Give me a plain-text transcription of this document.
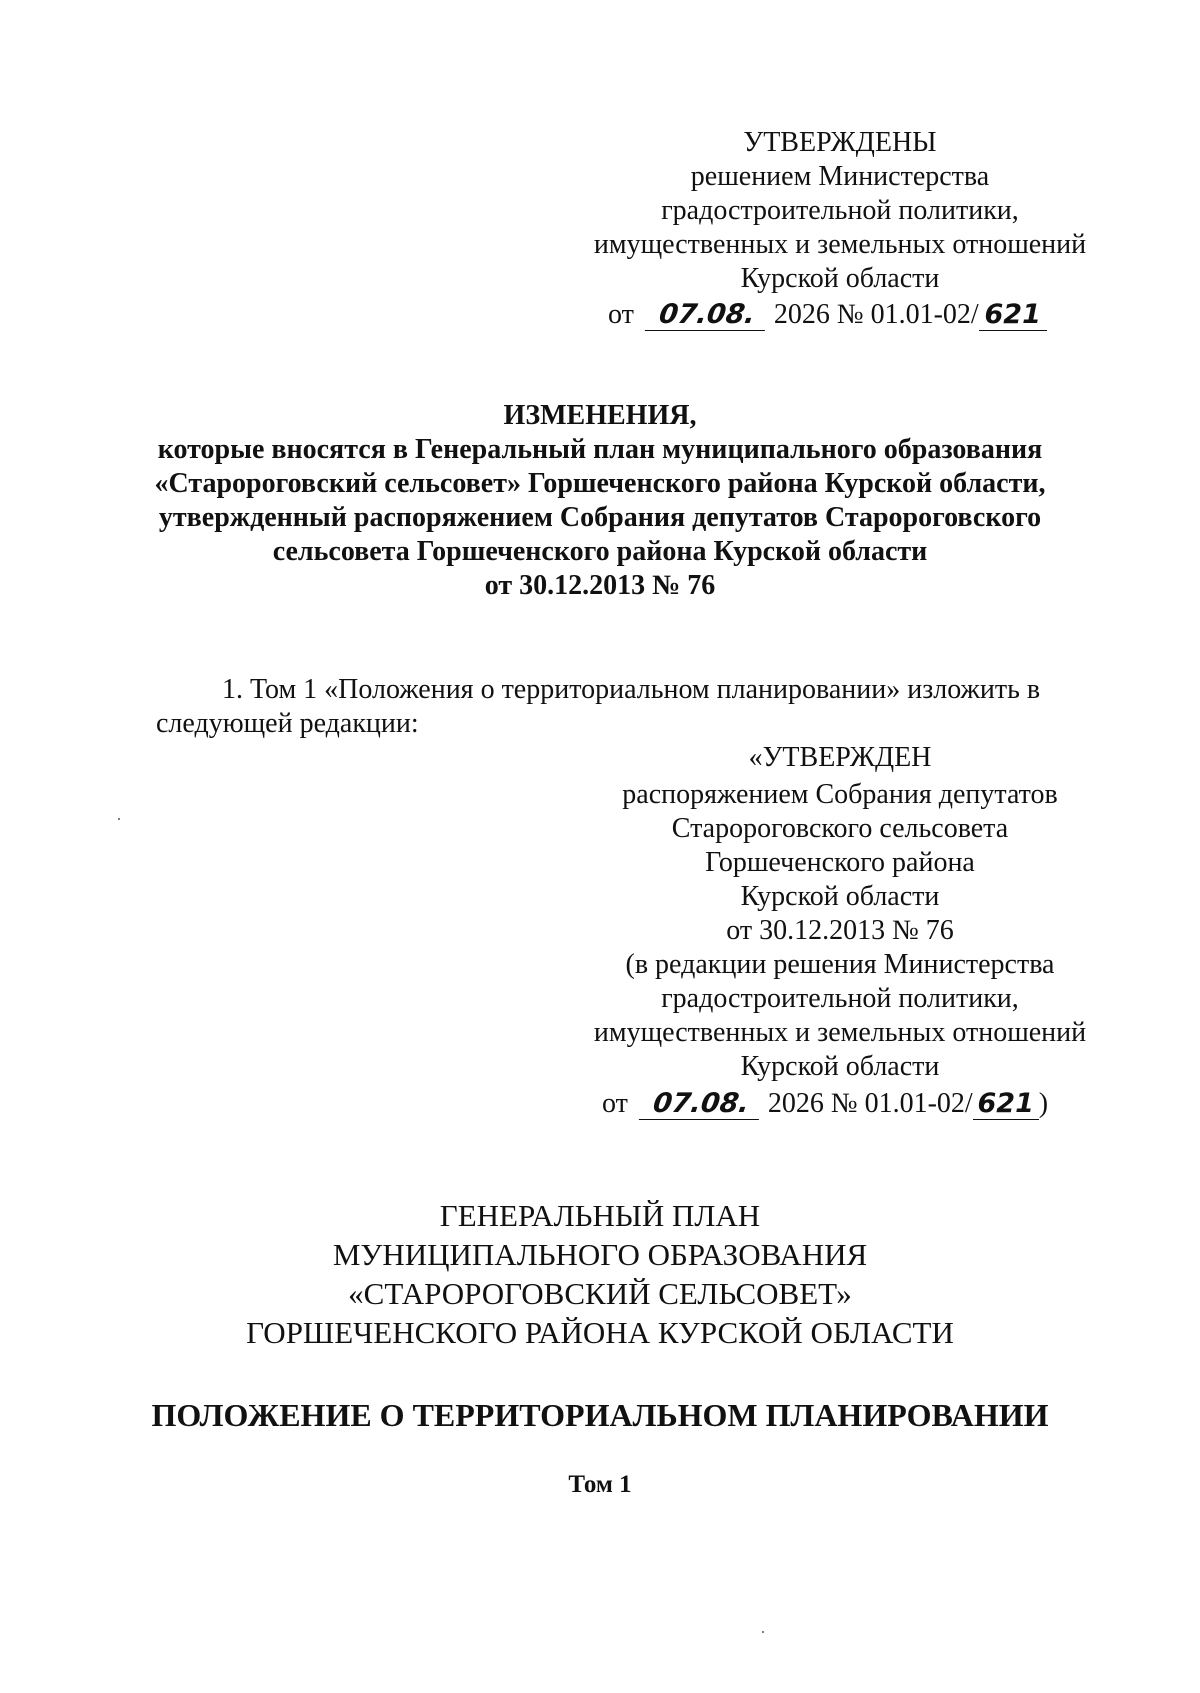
УТВЕРЖДЕНЫ
решением Министерства
градостроительной политики,
имущественных и земельных отношений
Курской области
от 07.08. 2026 № 01.01-02/ 621
ИЗМЕНЕНИЯ,
которые вносятся в Генеральный план муниципального образования
«Старороговский сельсовет» Горшеченского района Курской области,
утвержденный распоряжением Собрания депутатов Старороговского
сельсовета Горшеченского района Курской области
от 30.12.2013 № 76
1. Том 1 «Положения о территориальном планировании» изложить в
следующей редакции:
«УТВЕРЖДЕН
распоряжением Собрания депутатов
Старороговского сельсовета
Горшеченского района
Курской области
от 30.12.2013 № 76
(в редакции решения Министерства
градостроительной политики,
имущественных и земельных отношений
Курской области
от 07.08. 2026 № 01.01-02/ 621 )
ГЕНЕРАЛЬНЫЙ ПЛАН
МУНИЦИПАЛЬНОГО ОБРАЗОВАНИЯ
«СТАРОРОГОВСКИЙ СЕЛЬСОВЕТ»
ГОРШЕЧЕНСКОГО РАЙОНА КУРСКОЙ ОБЛАСТИ
ПОЛОЖЕНИЕ О ТЕРРИТОРИАЛЬНОМ ПЛАНИРОВАНИИ
Том 1
